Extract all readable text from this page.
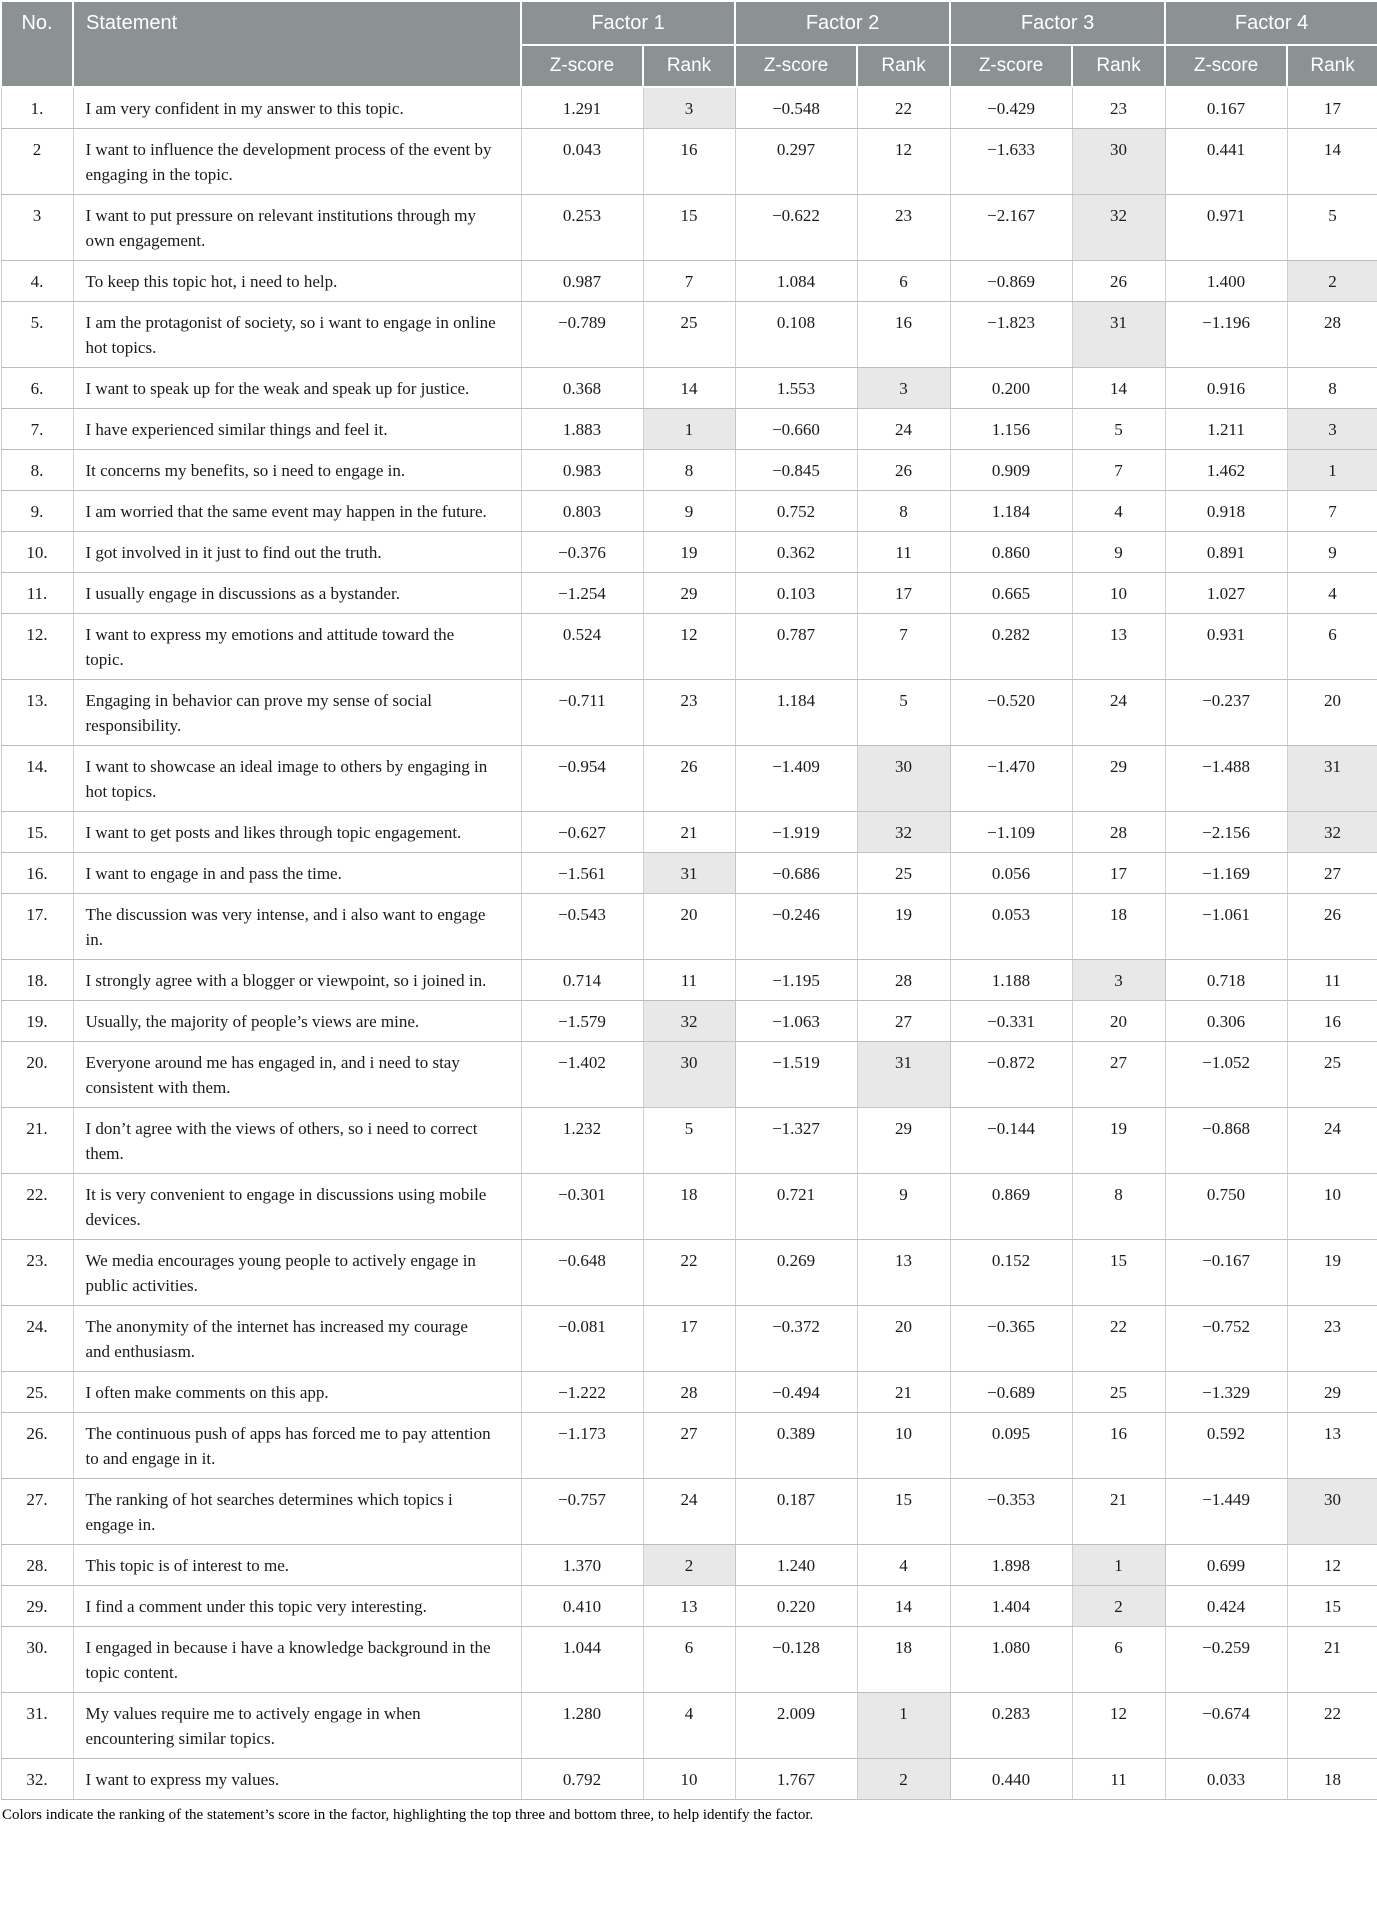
No.	Statement	Factor 1		Factor 2		Factor 3		Factor 4	
		Z-score	Rank	Z-score	Rank	Z-score	Rank	Z-score	Rank
1.	I am very confident in my answer to this topic.	1.291	3	−0.548	22	−0.429	23	0.167	17
2	I want to influence the development process of the event by engaging in the topic.	0.043	16	0.297	12	−1.633	30	0.441	14
3	I want to put pressure on relevant institutions through my own engagement.	0.253	15	−0.622	23	−2.167	32	0.971	5
4.	To keep this topic hot, i need to help.	0.987	7	1.084	6	−0.869	26	1.400	2
5.	I am the protagonist of society, so i want to engage in online hot topics.	−0.789	25	0.108	16	−1.823	31	−1.196	28
6.	I want to speak up for the weak and speak up for justice.	0.368	14	1.553	3	0.200	14	0.916	8
7.	I have experienced similar things and feel it.	1.883	1	−0.660	24	1.156	5	1.211	3
8.	It concerns my benefits, so i need to engage in.	0.983	8	−0.845	26	0.909	7	1.462	1
9.	I am worried that the same event may happen in the future.	0.803	9	0.752	8	1.184	4	0.918	7
10.	I got involved in it just to find out the truth.	−0.376	19	0.362	11	0.860	9	0.891	9
11.	I usually engage in discussions as a bystander.	−1.254	29	0.103	17	0.665	10	1.027	4
12.	I want to express my emotions and attitude toward the topic.	0.524	12	0.787	7	0.282	13	0.931	6
13.	Engaging in behavior can prove my sense of social responsibility.	−0.711	23	1.184	5	−0.520	24	−0.237	20
14.	I want to showcase an ideal image to others by engaging in hot topics.	−0.954	26	−1.409	30	−1.470	29	−1.488	31
15.	I want to get posts and likes through topic engagement.	−0.627	21	−1.919	32	−1.109	28	−2.156	32
16.	I want to engage in and pass the time.	−1.561	31	−0.686	25	0.056	17	−1.169	27
17.	The discussion was very intense, and i also want to engage in.	−0.543	20	−0.246	19	0.053	18	−1.061	26
18.	I strongly agree with a blogger or viewpoint, so i joined in.	0.714	11	−1.195	28	1.188	3	0.718	11
19.	Usually, the majority of people’s views are mine.	−1.579	32	−1.063	27	−0.331	20	0.306	16
20.	Everyone around me has engaged in, and i need to stay consistent with them.	−1.402	30	−1.519	31	−0.872	27	−1.052	25
21.	I don’t agree with the views of others, so i need to correct them.	1.232	5	−1.327	29	−0.144	19	−0.868	24
22.	It is very convenient to engage in discussions using mobile devices.	−0.301	18	0.721	9	0.869	8	0.750	10
23.	We media encourages young people to actively engage in public activities.	−0.648	22	0.269	13	0.152	15	−0.167	19
24.	The anonymity of the internet has increased my courage and enthusiasm.	−0.081	17	−0.372	20	−0.365	22	−0.752	23
25.	I often make comments on this app.	−1.222	28	−0.494	21	−0.689	25	−1.329	29
26.	The continuous push of apps has forced me to pay attention to and engage in it.	−1.173	27	0.389	10	0.095	16	0.592	13
27.	The ranking of hot searches determines which topics i engage in.	−0.757	24	0.187	15	−0.353	21	−1.449	30
28.	This topic is of interest to me.	1.370	2	1.240	4	1.898	1	0.699	12
29.	I find a comment under this topic very interesting.	0.410	13	0.220	14	1.404	2	0.424	15
30.	I engaged in because i have a knowledge background in the topic content.	1.044	6	−0.128	18	1.080	6	−0.259	21
31.	My values require me to actively engage in when encountering similar topics.	1.280	4	2.009	1	0.283	12	−0.674	22
32.	I want to express my values.	0.792	10	1.767	2	0.440	11	0.033	18
Colors indicate the ranking of the statement’s score in the factor, highlighting the top three and bottom three, to help identify the factor.
